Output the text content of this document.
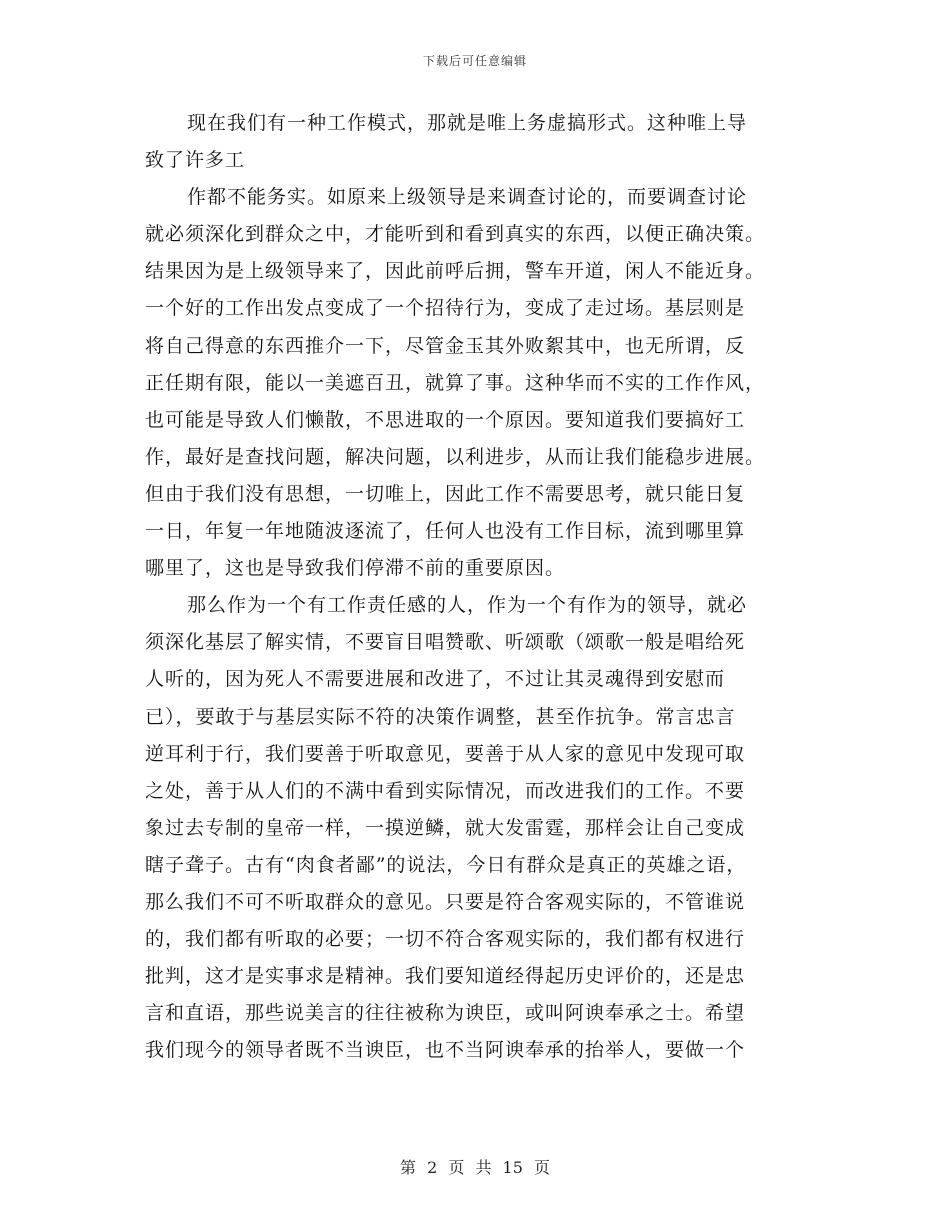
下载后可任意编辑
现在我们有一种工作模式，那就是唯上务虚搞形式。这种唯上导
致了许多工
作都不能务实。如原来上级领导是来调查讨论的，而要调查讨论
就必须深化到群众之中，才能听到和看到真实的东西，以便正确决策。
结果因为是上级领导来了，因此前呼后拥，警车开道，闲人不能近身。
一个好的工作出发点变成了一个招待行为，变成了走过场。基层则是
将自己得意的东西推介一下，尽管金玉其外败絮其中，也无所谓，反
正任期有限，能以一美遮百丑，就算了事。这种华而不实的工作作风，
也可能是导致人们懒散，不思进取的一个原因。要知道我们要搞好工
作，最好是查找问题，解决问题，以利进步，从而让我们能稳步进展。
但由于我们没有思想，一切唯上，因此工作不需要思考，就只能日复
一日，年复一年地随波逐流了，任何人也没有工作目标，流到哪里算
哪里了，这也是导致我们停滞不前的重要原因。
那么作为一个有工作责任感的人，作为一个有作为的领导，就必
须深化基层了解实情，不要盲目唱赞歌、听颂歌（颂歌一般是唱给死
人听的，因为死人不需要进展和改进了，不过让其灵魂得到安慰而
已），要敢于与基层实际不符的决策作调整，甚至作抗争。常言忠言
逆耳利于行，我们要善于听取意见，要善于从人家的意见中发现可取
之处，善于从人们的不满中看到实际情况，而改进我们的工作。不要
象过去专制的皇帝一样，一摸逆鳞，就大发雷霆，那样会让自己变成
瞎子聋子。古有“肉食者鄙”的说法，今日有群众是真正的英雄之语，
那么我们不可不听取群众的意见。只要是符合客观实际的，不管谁说
的，我们都有听取的必要；一切不符合客观实际的，我们都有权进行
批判，这才是实事求是精神。我们要知道经得起历史评价的，还是忠
言和直语，那些说美言的往往被称为谀臣，或叫阿谀奉承之士。希望
我们现今的领导者既不当谀臣，也不当阿谀奉承的抬举人，要做一个
第 2 页 共 15 页
